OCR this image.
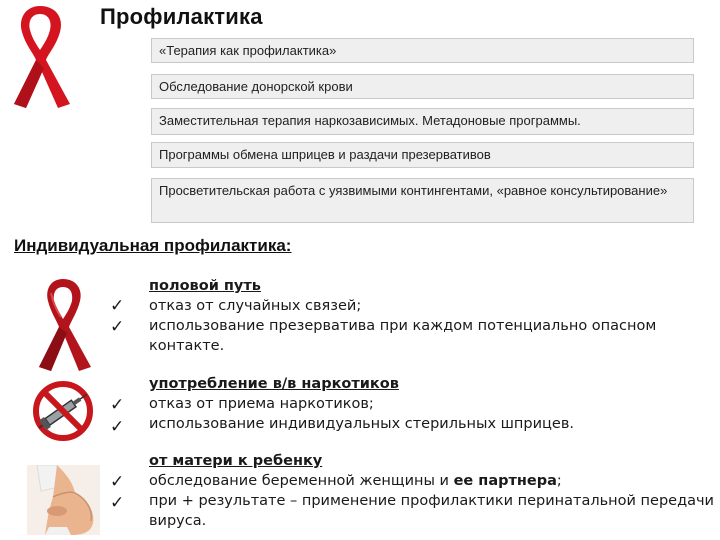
Профилактика
«Терапия как профилактика»
Обследование донорской крови
Заместительная терапия наркозависимых. Метадоновые программы.
Программы обмена шприцев и раздачи презервативов
Просветительская работа с уязвимыми контингентами, «равное консультирование»
Индивидуальная профилактика:
✓
✓
✓
✓
✓
✓
половой путь
отказ от случайных связей;
использование презерватива при каждом потенциально опасном контакте.
употребление в/в наркотиков
отказ от приема наркотиков;
использование индивидуальных стерильных шприцев.
от матери к ребенку
обследование беременной женщины и ее партнера;
при + результате – применение профилактики перинатальной передачи вируса.
